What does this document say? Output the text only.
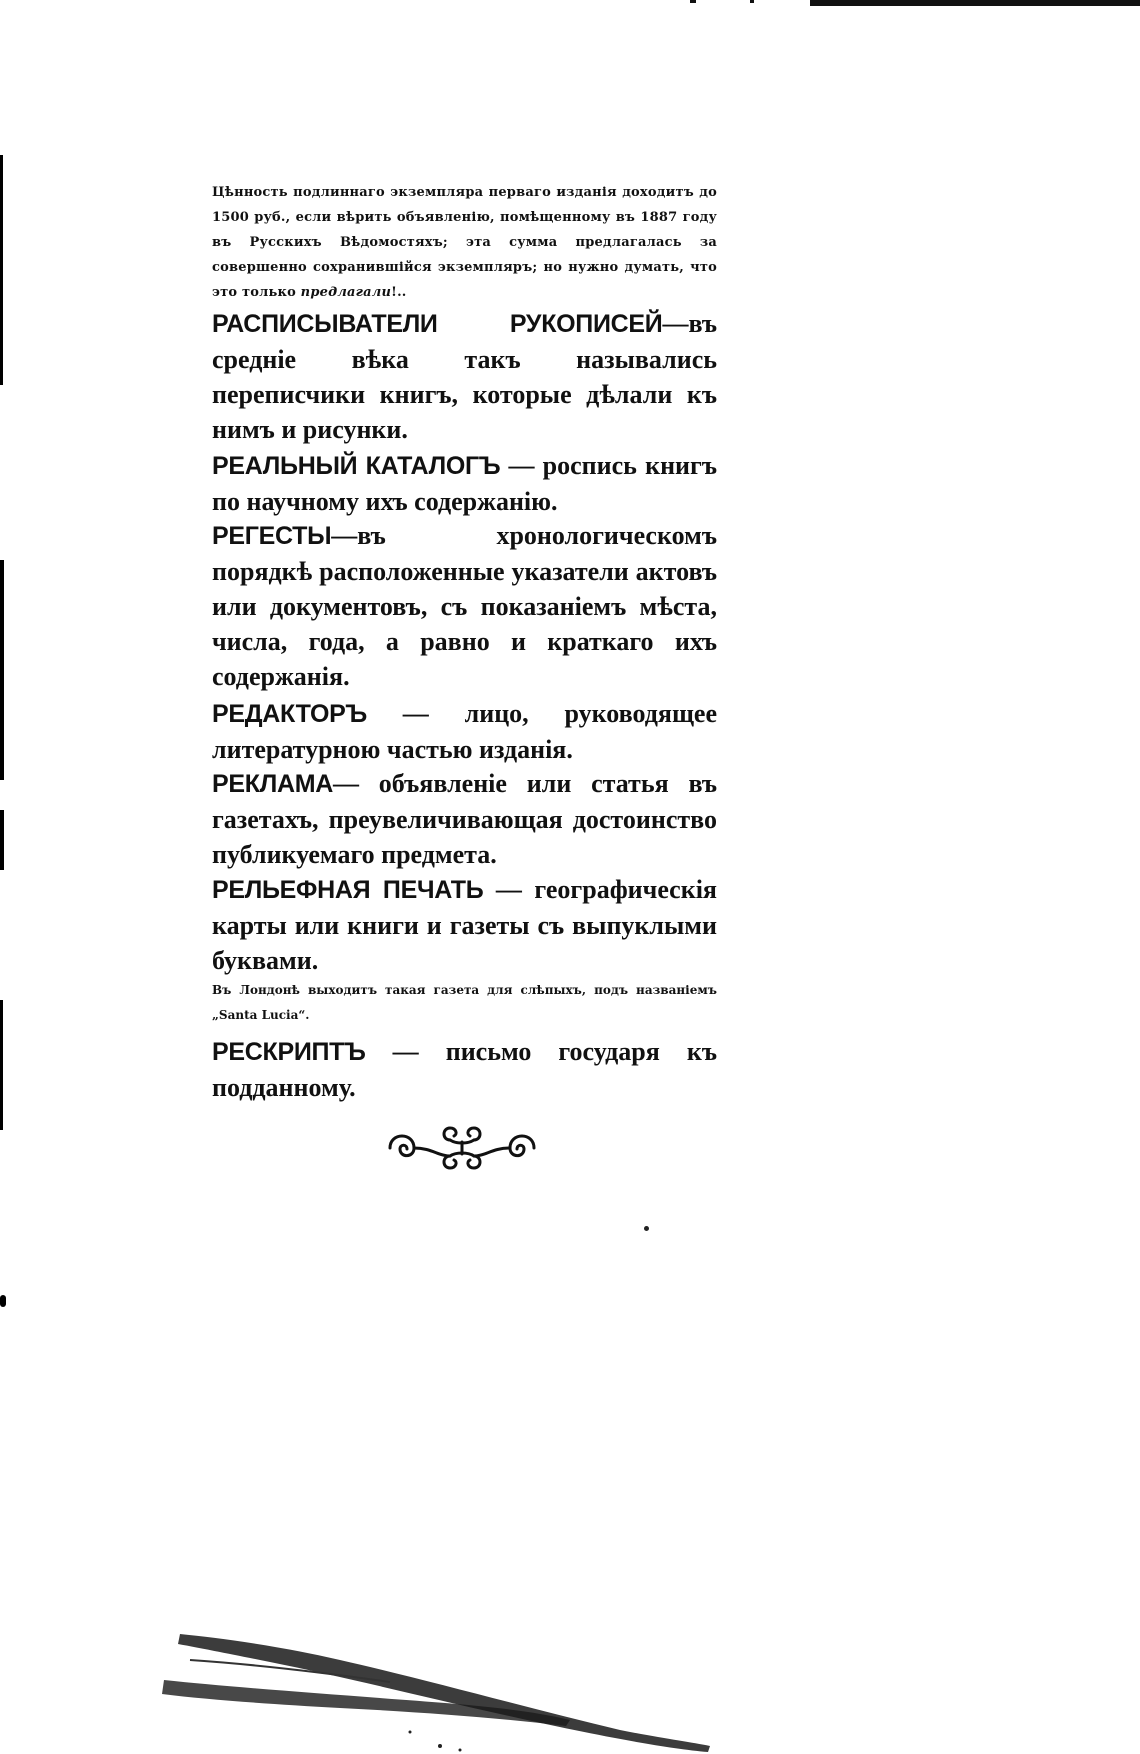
Цѣнность подлиннаго экземпляра перваго изданія доходитъ до 1500 руб., если вѣрить объявленію, помѣщенному въ 1887 году въ Русскихъ Вѣдомостяхъ; эта сумма предлагалась за совершенно сохранившійся экземпляръ; но нужно думать, что это только предлагали!..

РАСПИСЫВАТЕЛИ РУКОПИСЕЙ—въ средніе вѣка такъ назывались переписчики книгъ, которые дѣлали къ нимъ и рисунки.

РЕАЛЬНЫЙ КАТАЛОГЪ — роспись книгъ по научному ихъ содержанію.

РЕГЕСТЫ—въ хронологическомъ порядкѣ расположенные указатели актовъ или документовъ, съ показаніемъ мѣста, числа, года, а равно и краткаго ихъ содержанія.

РЕДАКТОРЪ — лицо, руководящее литературною частью изданія.

РЕКЛАМА— объявленіе или статья въ газетахъ, преувеличивающая достоинство публикуемаго предмета.

РЕЛЬЕФНАЯ ПЕЧАТЬ — географическія карты или книги и газеты съ выпуклыми буквами.

Въ Лондонѣ выходитъ такая газета для слѣпыхъ, подъ названіемъ „Santa Lucia“.

РЕСКРИПТЪ — письмо государя къ подданному.
